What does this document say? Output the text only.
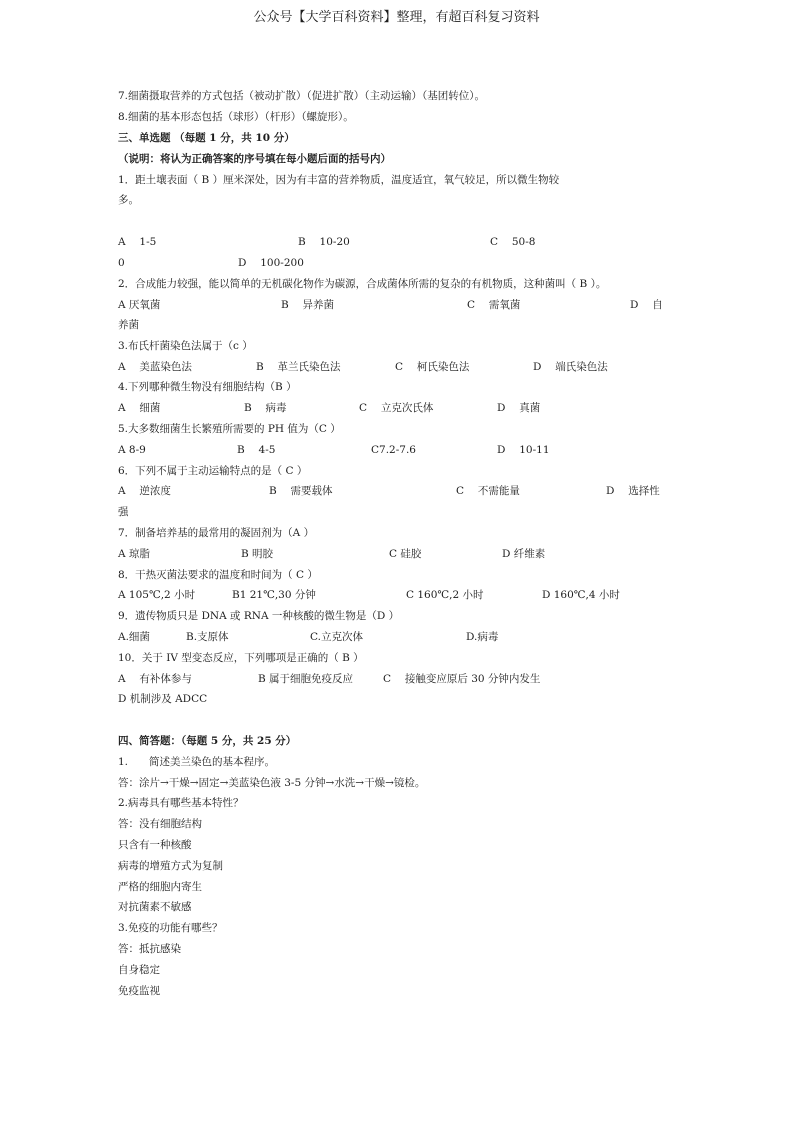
公众号【大学百科资料】整理，有超百科复习资料
7.细菌摄取营养的方式包括（被动扩散）（促进扩散）（主动运输）（基团转位）。
8.细菌的基本形态包括（球形）（杆形）（螺旋形）。
三、单选题 （每题 1 分，共 10 分）
（说明：将认为正确答案的序号填在每小题后面的括号内）
1．距土壤表面（ B ）厘米深处，因为有丰富的营养物质，温度适宜，氧气较足，所以微生物较
多。
A　 1-5	B　 10-20	C　 50-8
0	D　 100-200
2．合成能力较强，能以简单的无机碳化物作为碳源，合成菌体所需的复杂的有机物质，这种菌叫（ B ）。
A 厌氧菌	B　 异养菌	C　 需氧菌	D　 自
养菌
3.布氏杆菌染色法属于（c ）
A　 美蓝染色法	B　 革兰氏染色法	C　 柯氏染色法	D　 端氏染色法
4.下列哪种微生物没有细胞结构（B ）
A　 细菌	B　 病毒	C　 立克次氏体	D　 真菌
5.大多数细菌生长繁殖所需要的 PH 值为（C ）
A 8-9	B　 4-5	C7.2-7.6	D　 10-11
6．下列不属于主动运输特点的是（ C ）
A　 逆浓度	B　 需要载体	C　 不需能量	D　 选择性
强
7．制备培养基的最常用的凝固剂为（A ）
A 琼脂	B 明胶	C 硅胶	D 纤维素
8．干热灭菌法要求的温度和时间为（ C ）
A 105℃,2 小时	B1 21℃,30 分钟	C 160℃,2 小时	D 160℃,4 小时
9．遗传物质只是 DNA 或 RNA 一种核酸的微生物是（D ）
A.细菌	B.支原体	C.立克次体	D.病毒
10．关于 IV 型变态反应，下列哪项是正确的（ B ）
A　 有补体参与	B 属于细胞免疫反应	C　 接触变应原后 30 分钟内发生
D 机制涉及 ADCC
四、简答题：（每题 5 分，共 25 分）
1.　　简述美兰染色的基本程序。
答：涂片→干燥→固定→美蓝染色液 3-5 分钟→水洗→干燥→镜检。
2.病毒具有哪些基本特性？
答：没有细胞结构
只含有一种核酸
病毒的增殖方式为复制
严格的细胞内寄生
对抗菌素不敏感
3.免疫的功能有哪些？
答：抵抗感染
自身稳定
免疫监视
